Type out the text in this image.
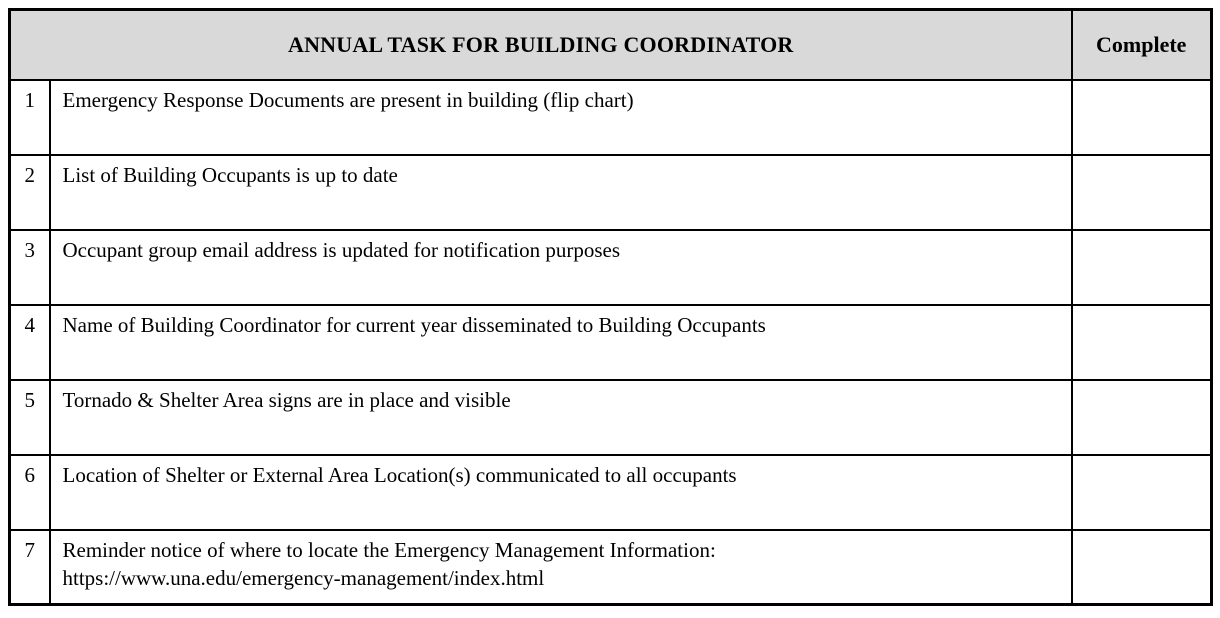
ANNUAL TASK FOR BUILDING COORDINATOR		Complete
1	Emergency Response Documents are present in building (flip chart)

2	List of Building Occupants is up to date

3	Occupant group email address is updated for notification purposes

4	Name of Building Coordinator for current year disseminated to Building Occupants

5	Tornado & Shelter Area signs are in place and visible

6	Location of Shelter or External Area Location(s) communicated to all occupants

7	Reminder notice of where to locate the Emergency Management Information:
https://www.una.edu/emergency-management/index.html	
